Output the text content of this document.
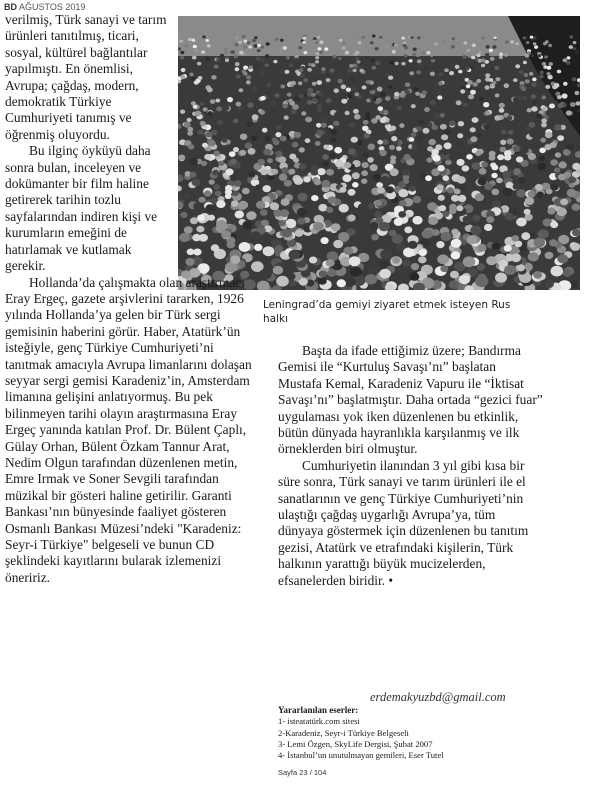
BD AĞUSTOS 2019

verilmiş, Türk sanayi ve tarım ürünleri tanıtılmış, ticari, sosyal, kültürel bağlantılar yapılmıştı. En önemlisi, Avrupa; çağdaş, modern, demokratik Türkiye Cumhuriyeti tanımış ve öğrenmiş oluyordu.

Bu ilginç öyküyü daha sonra bulan, inceleyen ve dokümanter bir film haline getirerek tarihin tozlu sayfalarından indiren kişi ve kurumların emeğini de hatırlamak ve kutlamak gerekir.

Hollanda’da çalışmakta olan araştırmacı Eray Ergeç, gazete arşivlerini tararken, 1926 yılında Hollanda’ya gelen bir Türk sergi gemisinin haberini görür. Haber, Atatürk’ün isteğiyle, genç Türkiye Cumhuriyeti’ni tanıtmak amacıyla Avrupa limanlarını dolaşan seyyar sergi gemisi Karadeniz’in, Amsterdam limanına gelişini anlatıyormuş. Bu pek bilinmeyen tarihi olayın araştırmasına Eray Ergeç yanında katılan Prof. Dr. Bülent Çaplı, Gülay Orhan, Bülent Özkam Tannur Arat, Nedim Olgun tarafından düzenlenen metin, Emre Irmak ve Soner Sevgili tarafından müzikal bir gösteri haline getirilir. Garanti Bankası’nın bünyesinde faaliyet gösteren Osmanlı Bankası Müzesi’ndeki "Karadeniz: Seyr-i Türkiye" belgeseli ve bunun CD şeklindeki kayıtlarını bularak izlemenizi öneririz.

Leningrad’da gemiyi ziyaret etmek isteyen Rus halkı

Başta da ifade ettiğimiz üzere; Bandırma Gemisi ile “Kurtuluş Savaşı’nı” başlatan Mustafa Kemal, Karadeniz Vapuru ile “İktisat Savaşı’nı” başlatmıştır. Daha ortada “gezici fuar” uygulaması yok iken düzenlenen bu etkinlik, bütün dünyada hayranlıkla karşılanmış ve ilk örneklerden biri olmuştur.

Cumhuriyetin ilanından 3 yıl gibi kısa bir süre sonra, Türk sanayi ve tarım ürünleri ile el sanatlarının ve genç Türkiye Cumhuriyeti’nin ulaştığı çağdaş uygarlığı Avrupa’ya, tüm dünyaya göstermek için düzenlenen bu tanıtım gezisi, Atatürk ve etrafındaki kişilerin, Türk halkının yarattığı büyük mucizelerden, efsanelerden biridir. •

erdemakyuzbd@gmail.com
Yararlanılan eserler:
1- isteatatürk.com sitesi
2-Karadeniz, Seyr-i Türkiye Belgeseli
3- Lemi Özgen, SkyLife Dergisi, Şubat 2007
4- İstanbul’un unutulmayan gemileri, Eser Tutel
Sayfa 23 / 104
